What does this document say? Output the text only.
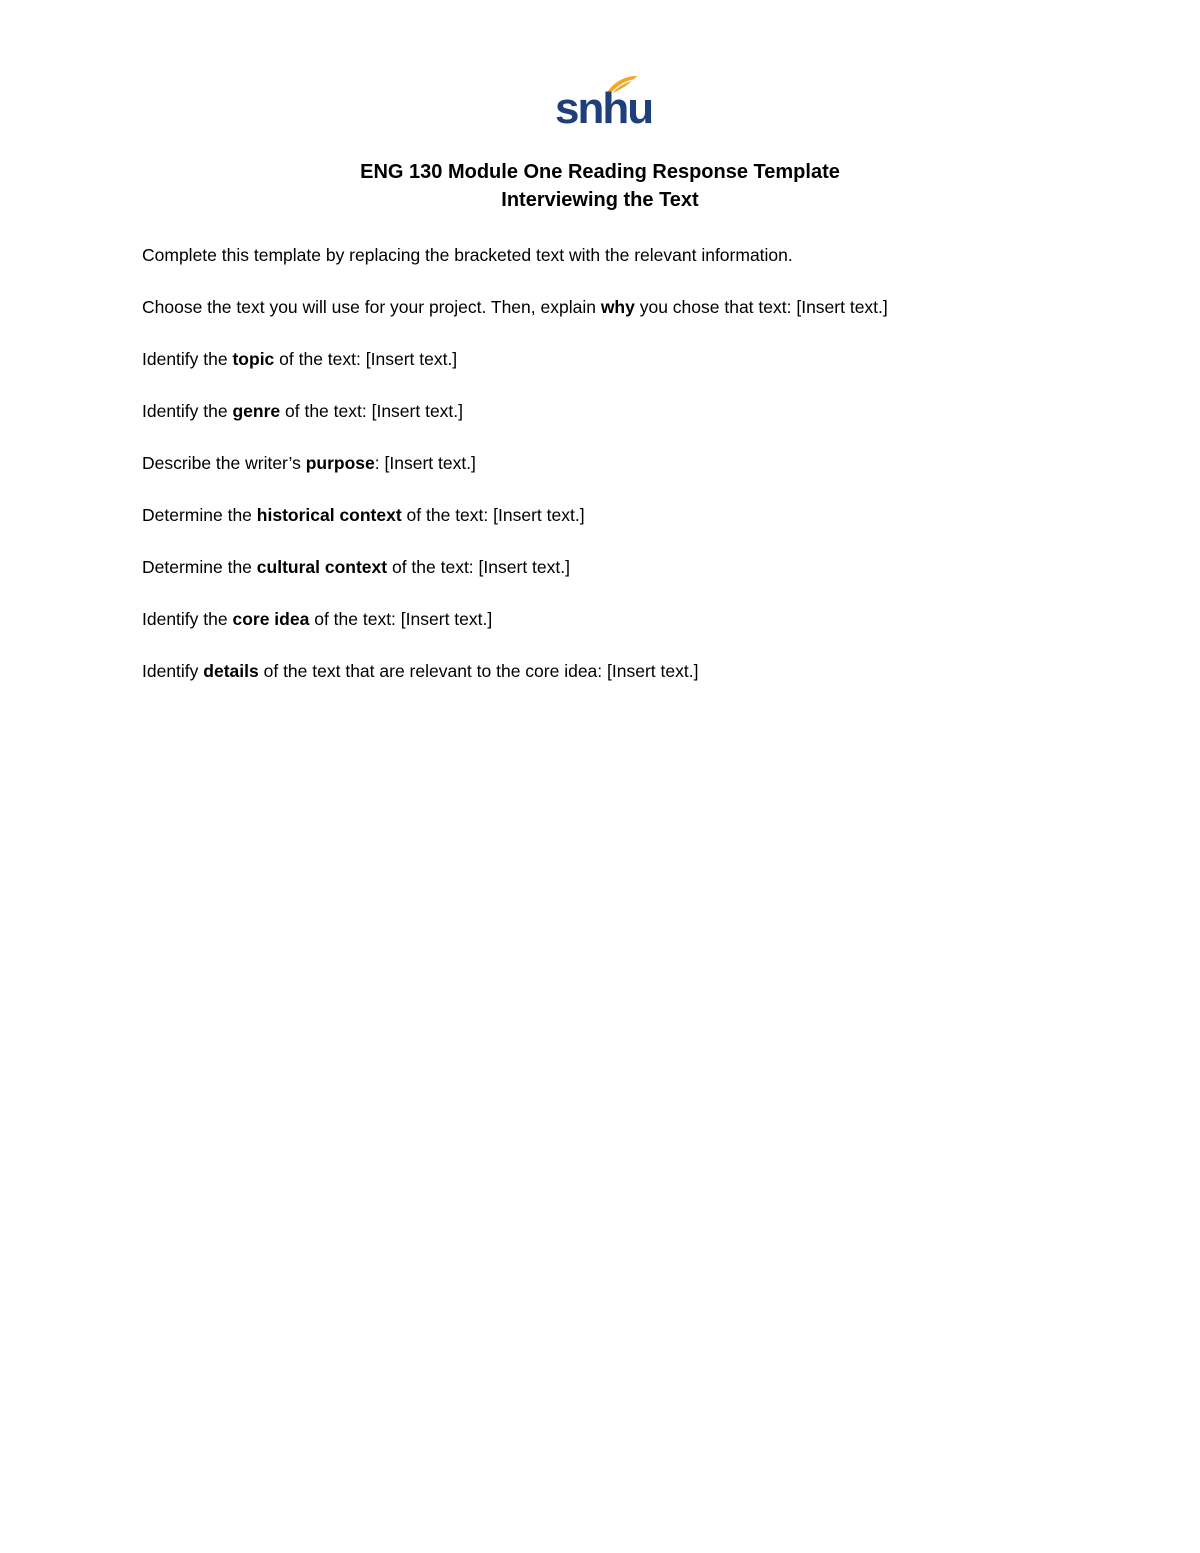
snhu
ENG 130 Module One Reading Response Template
Interviewing the Text

Complete this template by replacing the bracketed text with the relevant information.

Choose the text you will use for your project. Then, explain why you chose that text: [Insert text.]

Identify the topic of the text: [Insert text.]

Identify the genre of the text: [Insert text.]

Describe the writer’s purpose: [Insert text.]

Determine the historical context of the text: [Insert text.]

Determine the cultural context of the text: [Insert text.]

Identify the core idea of the text: [Insert text.]

Identify details of the text that are relevant to the core idea: [Insert text.]
